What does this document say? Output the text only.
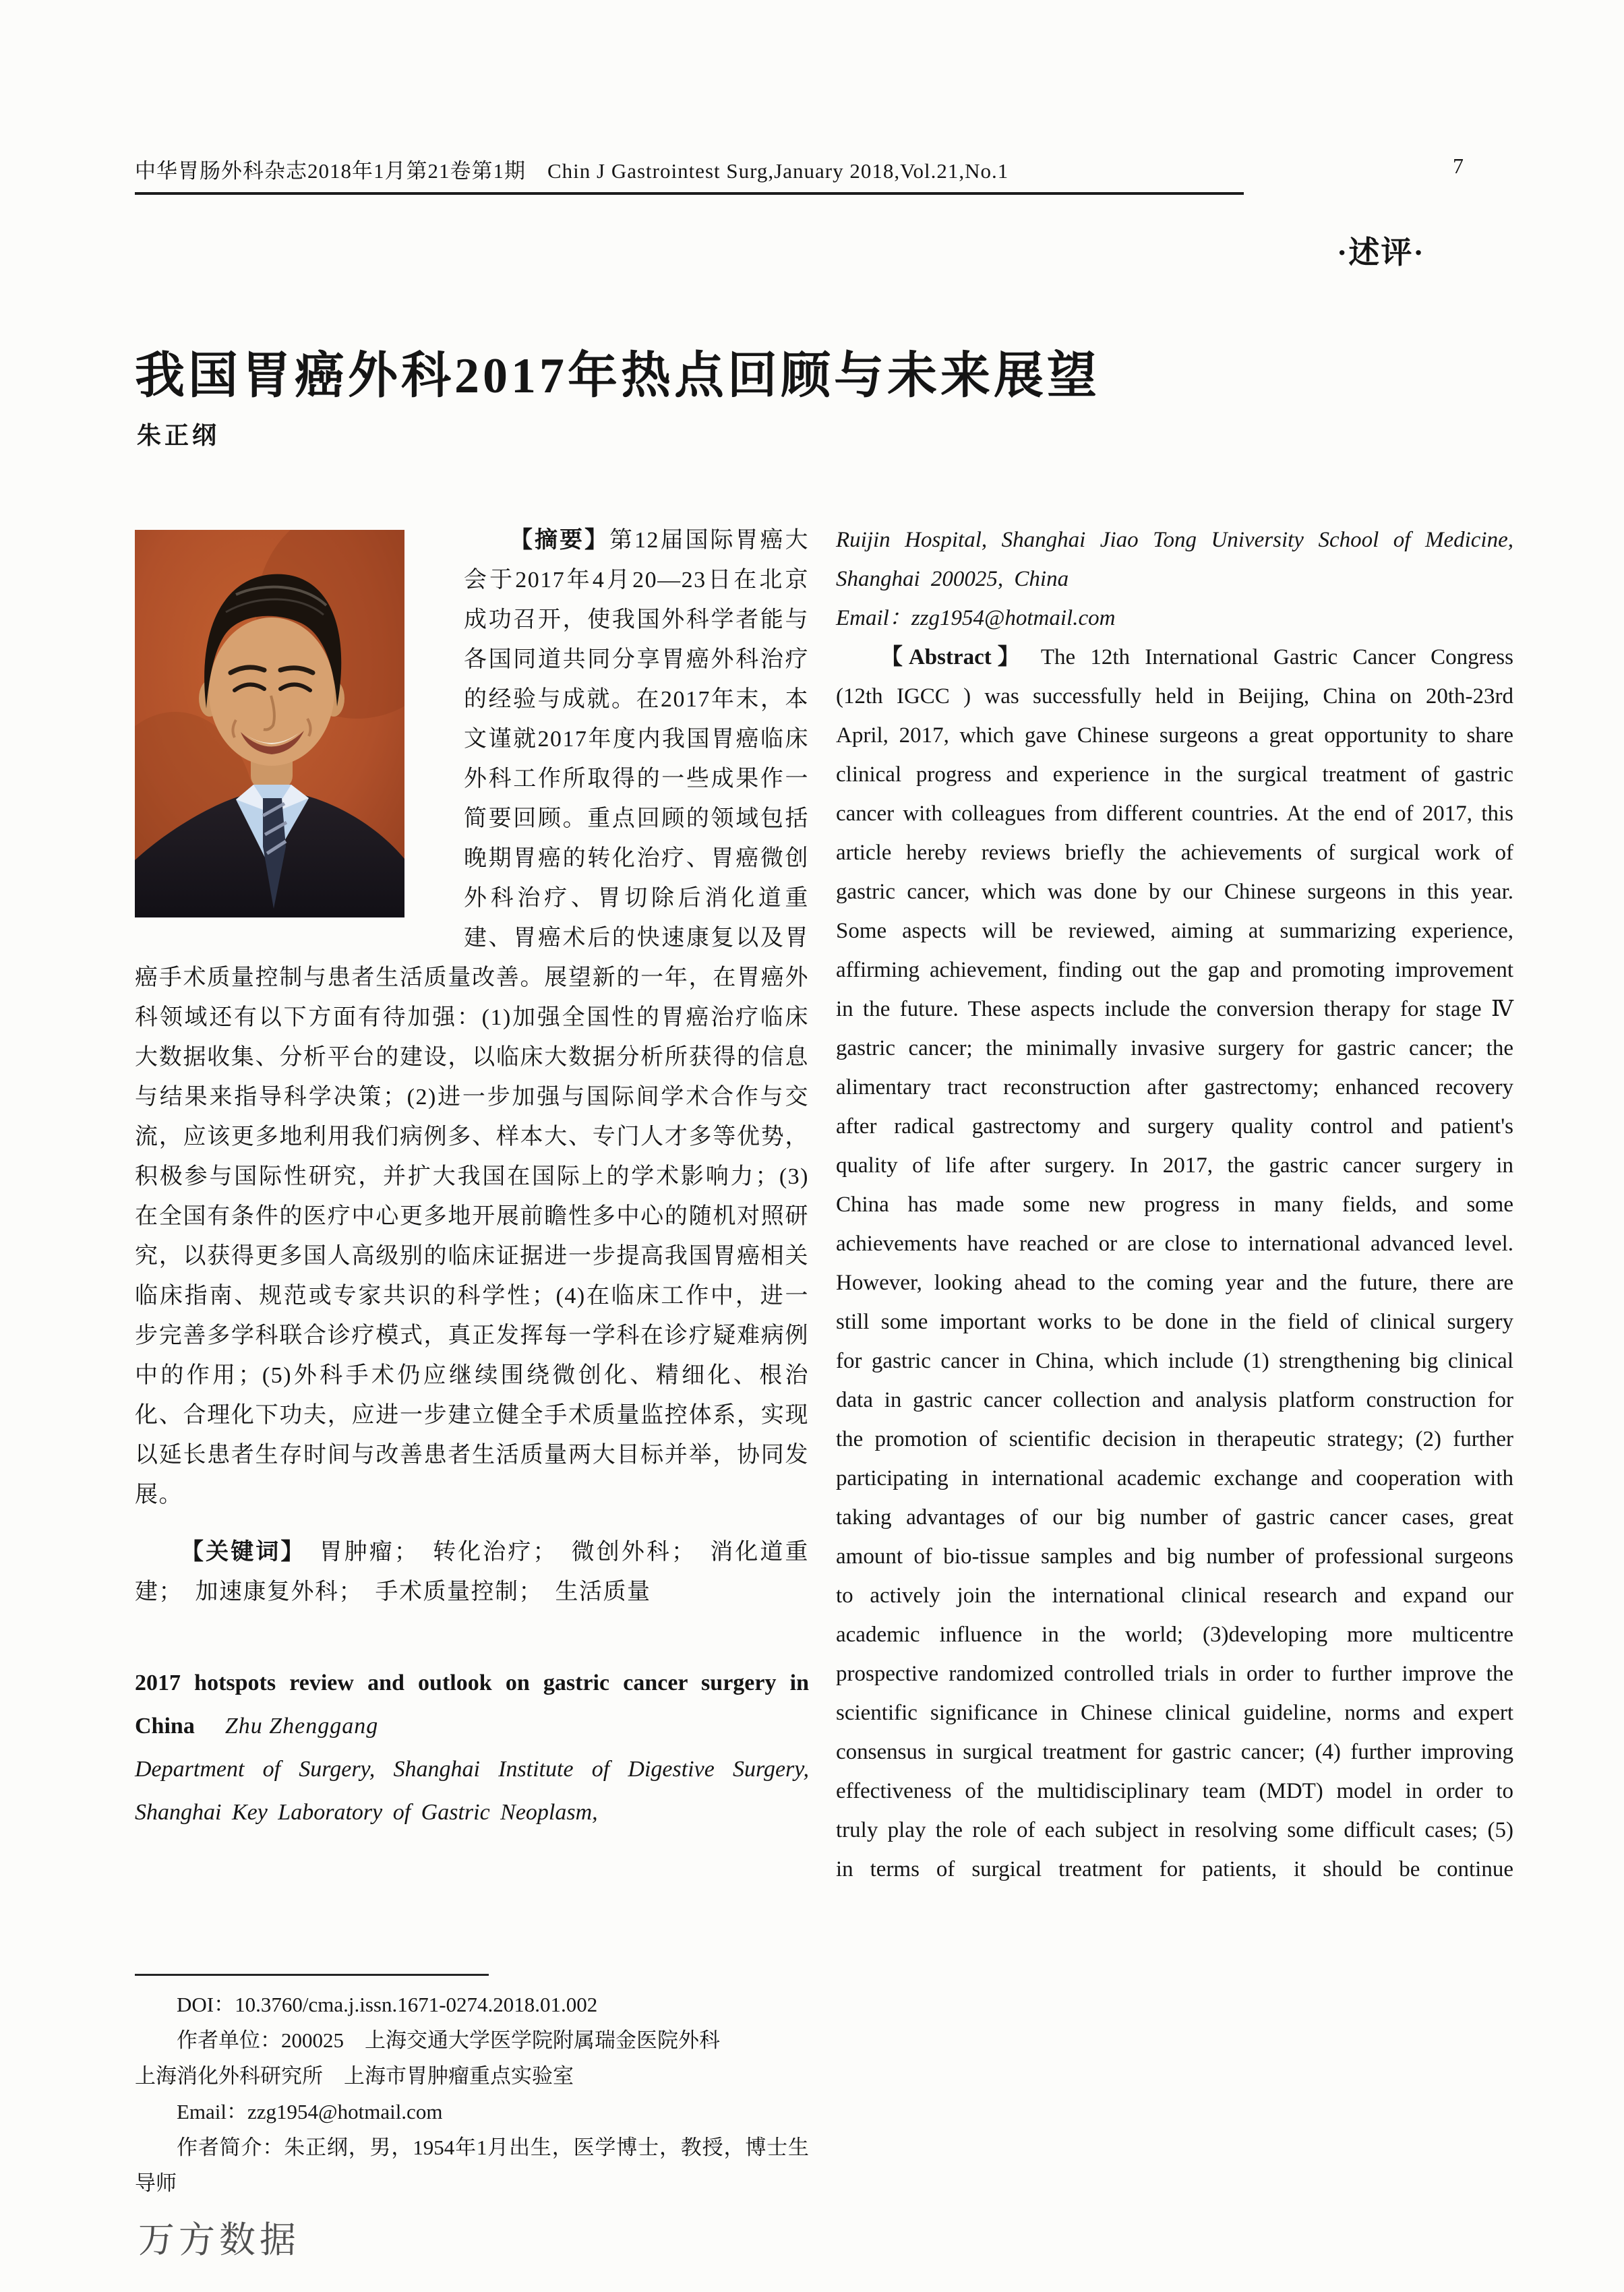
中华胃肠外科杂志2018年1月第21卷第1期　Chin J Gastrointest Surg,January 2018,Vol.21,No.1	7
·述评·
我国胃癌外科2017年热点回顾与未来展望
朱正纲

【摘要】第12届国际胃癌大会于2017年4月20—23日在北京成功召开，使我国外科学者能与各国同道共同分享胃癌外科治疗的经验与成就。在2017年末，本文谨就2017年度内我国胃癌临床外科工作所取得的一些成果作一简要回顾。重点回顾的领域包括晚期胃癌的转化治疗、胃癌微创外科治疗、胃切除后消化道重建、胃癌术后的快速康复以及胃癌手术质量控制与患者生活质量改善。展望新的一年，在胃癌外科领域还有以下方面有待加强：(1)加强全国性的胃癌治疗临床大数据收集、分析平台的建设，以临床大数据分析所获得的信息与结果来指导科学决策；(2)进一步加强与国际间学术合作与交流，应该更多地利用我们病例多、样本大、专门人才多等优势，积极参与国际性研究，并扩大我国在国际上的学术影响力；(3)在全国有条件的医疗中心更多地开展前瞻性多中心的随机对照研究，以获得更多国人高级别的临床证据进一步提高我国胃癌相关临床指南、规范或专家共识的科学性；(4)在临床工作中，进一步完善多学科联合诊疗模式，真正发挥每一学科在诊疗疑难病例中的作用；(5)外科手术仍应继续围绕微创化、精细化、根治化、合理化下功夫，应进一步建立健全手术质量监控体系，实现以延长患者生存时间与改善患者生活质量两大目标并举，协同发展。

【关键词】　 胃肿瘤；　转化治疗；　微创外科；　消化道重建；　加速康复外科；　手术质量控制；　生活质量

2017 hotspots review and outlook on gastric cancer surgery in China Zhu Zhenggang

Department of Surgery, Shanghai Institute of Digestive Surgery, Shanghai Key Laboratory of Gastric Neoplasm,

DOI：10.3760/cma.j.issn.1671-0274.2018.01.002

作者单位：200025　上海交通大学医学院附属瑞金医院外科

上海消化外科研究所　上海市胃肿瘤重点实验室

Email：zzg1954@hotmail.com

作者简介：朱正纲，男，1954年1月出生，医学博士，教授，博士生导师

Ruijin Hospital, Shanghai Jiao Tong University School of Medicine, Shanghai 200025, China

Email：zzg1954@hotmail.com

【Abstract】 The 12th International Gastric Cancer Congress (12th IGCC ) was successfully held in Beijing, China on 20th-23rd April, 2017, which gave Chinese surgeons a great opportunity to share clinical progress and experience in the surgical treatment of gastric cancer with colleagues from different countries. At the end of 2017, this article hereby reviews briefly the achievements of surgical work of gastric cancer, which was done by our Chinese surgeons in this year. Some aspects will be reviewed, aiming at summarizing experience, affirming achievement, finding out the gap and promoting improvement in the future. These aspects include the conversion therapy for stage Ⅳ gastric cancer; the minimally invasive surgery for gastric cancer; the alimentary tract reconstruction after gastrectomy; enhanced recovery after radical gastrectomy and surgery quality control and patient's quality of life after surgery. In 2017, the gastric cancer surgery in China has made some new progress in many fields, and some achievements have reached or are close to international advanced level. However, looking ahead to the coming year and the future, there are still some important works to be done in the field of clinical surgery for gastric cancer in China, which include (1) strengthening big clinical data in gastric cancer collection and analysis platform construction for the promotion of scientific decision in therapeutic strategy; (2) further participating in international academic exchange and cooperation with taking advantages of our big number of gastric cancer cases, great amount of bio-tissue samples and big number of professional surgeons to actively join the international clinical research and expand our academic influence in the world; (3)developing more multicentre prospective randomized controlled trials in order to further improve the scientific significance in Chinese clinical guideline, norms and expert consensus in surgical treatment for gastric cancer; (4) further improving effectiveness of the multidisciplinary team (MDT) model in order to truly play the role of each subject in resolving some difficult cases; (5) in terms of surgical treatment for patients, it should be continue

万方数据
